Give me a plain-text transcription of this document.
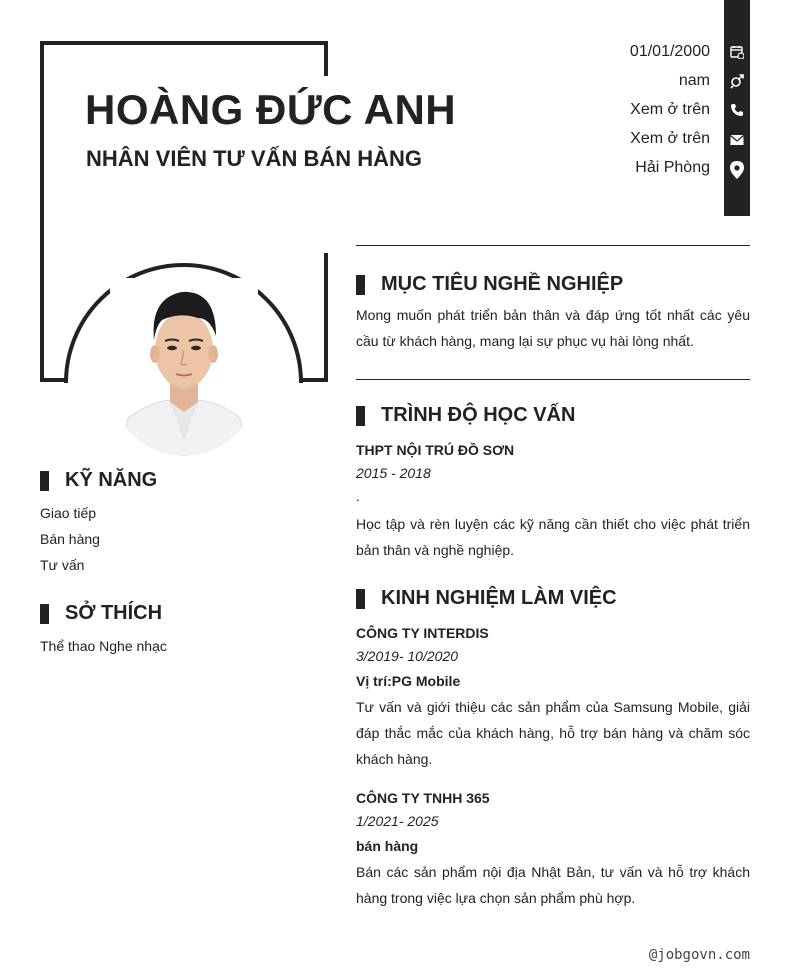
HOÀNG ĐỨC ANH
NHÂN VIÊN TƯ VẤN BÁN HÀNG
01/01/2000
nam
Xem ở trên
Xem ở trên
Hải Phòng
KỸ NĂNG
Giao tiếp
Bán hàng
Tư vấn
SỞ THÍCH
Thể thao Nghe nhạc
MỤC TIÊU NGHỀ NGHIỆP
Mong muốn phát triển bản thân và đáp ứng tốt nhất các yêu cầu từ khách hàng, mang lại sự phục vụ hài lòng nhất.
TRÌNH ĐỘ HỌC VẤN
THPT NỘI TRÚ ĐỒ SƠN
2015 - 2018
.
Học tập và rèn luyện các kỹ năng cần thiết cho việc phát triển bản thân và nghề nghiệp.
KINH NGHIỆM LÀM VIỆC
CÔNG TY INTERDIS
3/2019- 10/2020
Vị trí:PG Mobile
Tư vấn và giới thiệu các sản phẩm của Samsung Mobile, giải đáp thắc mắc của khách hàng, hỗ trợ bán hàng và chăm sóc khách hàng.
CÔNG TY TNHH 365
1/2021- 2025
bán hàng
Bán các sản phẩm nội địa Nhật Bản, tư vấn và hỗ trợ khách hàng trong việc lựa chọn sản phẩm phù hợp.
@jobgovn.com
